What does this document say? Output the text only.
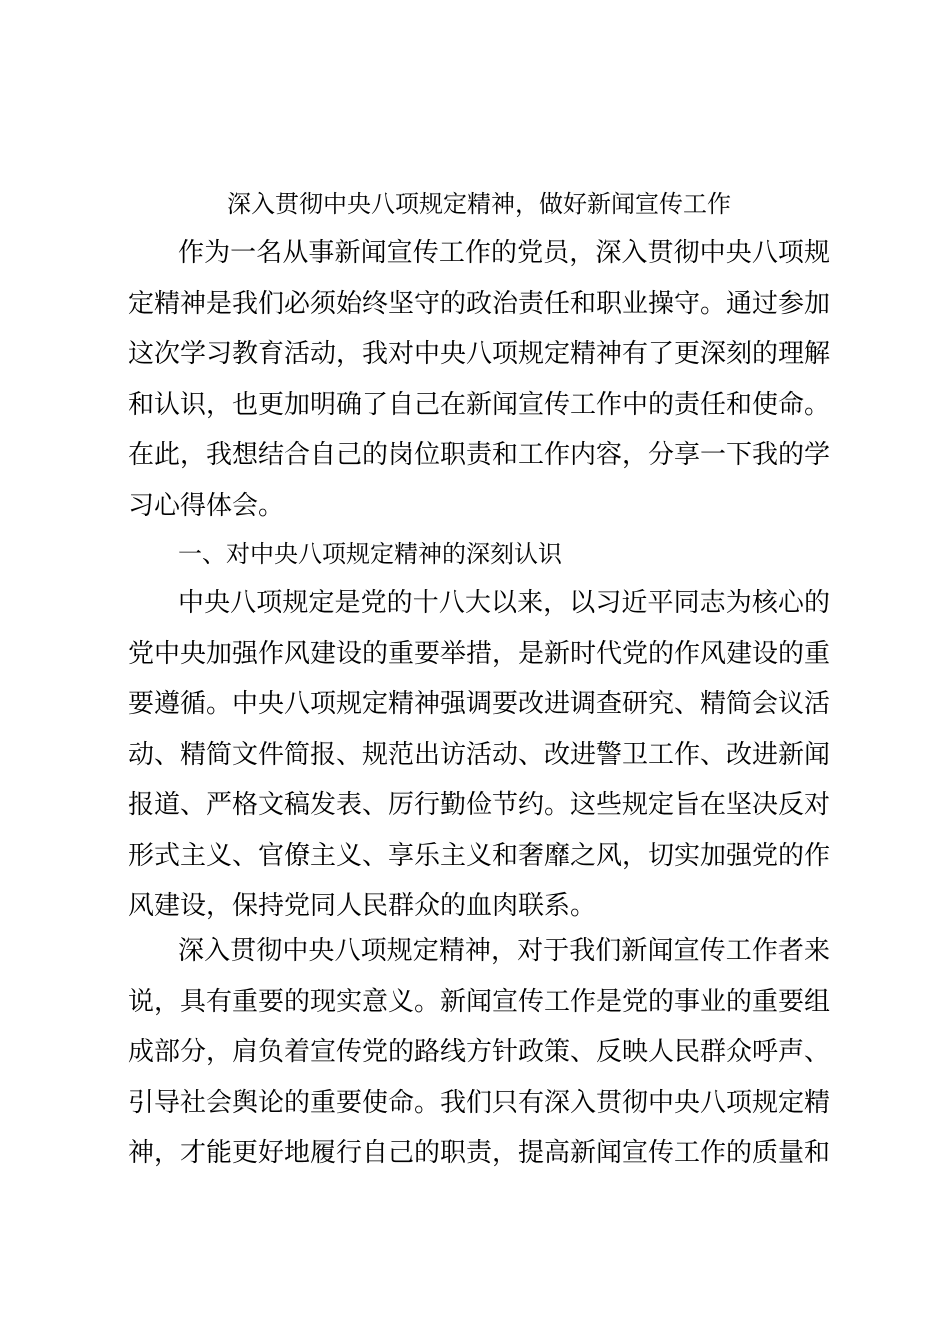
深入贯彻中央八项规定精神，做好新闻宣传工作

作为一名从事新闻宣传工作的党员，深入贯彻中央八项规
定精神是我们必须始终坚守的政治责任和职业操守。通过参加
这次学习教育活动，我对中央八项规定精神有了更深刻的理解
和认识，也更加明确了自己在新闻宣传工作中的责任和使命。
在此，我想结合自己的岗位职责和工作内容，分享一下我的学
习心得体会。

一、对中央八项规定精神的深刻认识

中央八项规定是党的十八大以来，以习近平同志为核心的
党中央加强作风建设的重要举措，是新时代党的作风建设的重
要遵循。中央八项规定精神强调要改进调查研究、精简会议活
动、精简文件简报、规范出访活动、改进警卫工作、改进新闻
报道、严格文稿发表、厉行勤俭节约。这些规定旨在坚决反对
形式主义、官僚主义、享乐主义和奢靡之风，切实加强党的作
风建设，保持党同人民群众的血肉联系。

深入贯彻中央八项规定精神，对于我们新闻宣传工作者来
说，具有重要的现实意义。新闻宣传工作是党的事业的重要组
成部分，肩负着宣传党的路线方针政策、反映人民群众呼声、
引导社会舆论的重要使命。我们只有深入贯彻中央八项规定精
神，才能更好地履行自己的职责，提高新闻宣传工作的质量和
